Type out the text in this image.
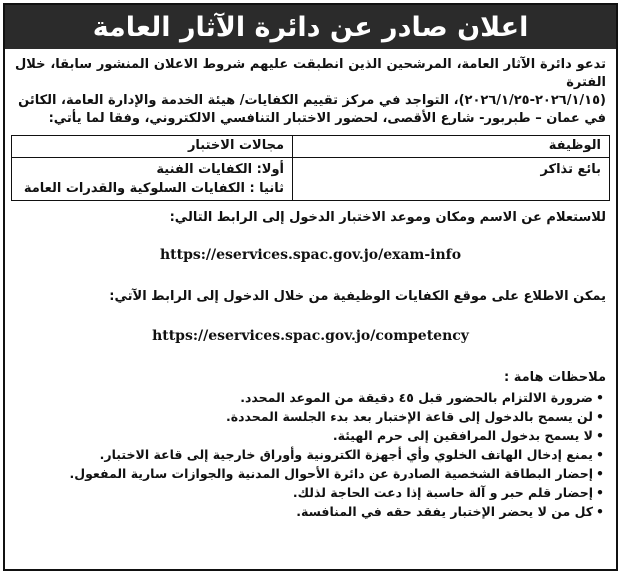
اعلان صادر عن دائرة الآثار العامة
تدعو دائرة الآثار العامة، المرشحين الذين انطبقت عليهم شروط الاعلان المنشور سابقا، خلال الفترة
(٢٠٢٦/١/١٥-٢٠٢٦/١/٢٥)، التواجد في مركز تقييم الكفايات/ هيئة الخدمة والإدارة العامة، الكائن
في عمان – طبربور- شارع الأقصى، لحضور الاختبار التنافسي الالكتروني، وفقا لما يأتي:
الوظيفة	مجالات الاختبار

بائع تذاكر	أولا: الكفايات الفنية
ثانيا : الكفايات السلوكية والقدرات العامة
للاستعلام عن الاسم ومكان وموعد الاختبار الدخول إلى الرابط التالي:
https://eservices.spac.gov.jo/exam-info
يمكن الاطلاع على موقع الكفايات الوظيفية من خلال الدخول إلى الرابط الآتي:
https://eservices.spac.gov.jo/competency
ملاحظات هامة :
•ضرورة الالتزام بالحضور قبل ٤٥ دقيقة من الموعد المحدد.
•لن يسمح بالدخول إلى قاعة الإختبار بعد بدء الجلسة المحددة.
•لا يسمح بدخول المرافقين إلى حرم الهيئة.
•يمنع إدخال الهاتف الخلوي وأي أجهزة الكترونية وأوراق خارجية إلى قاعة الاختبار.
•إحضار البطاقة الشخصية الصادرة عن دائرة الأحوال المدنية والجوازات سارية المفعول.
•إحضار قلم حبر و آلة حاسبة إذا دعت الحاجة لذلك.
•كل من لا يحضر الإختبار يفقد حقه في المنافسة.
